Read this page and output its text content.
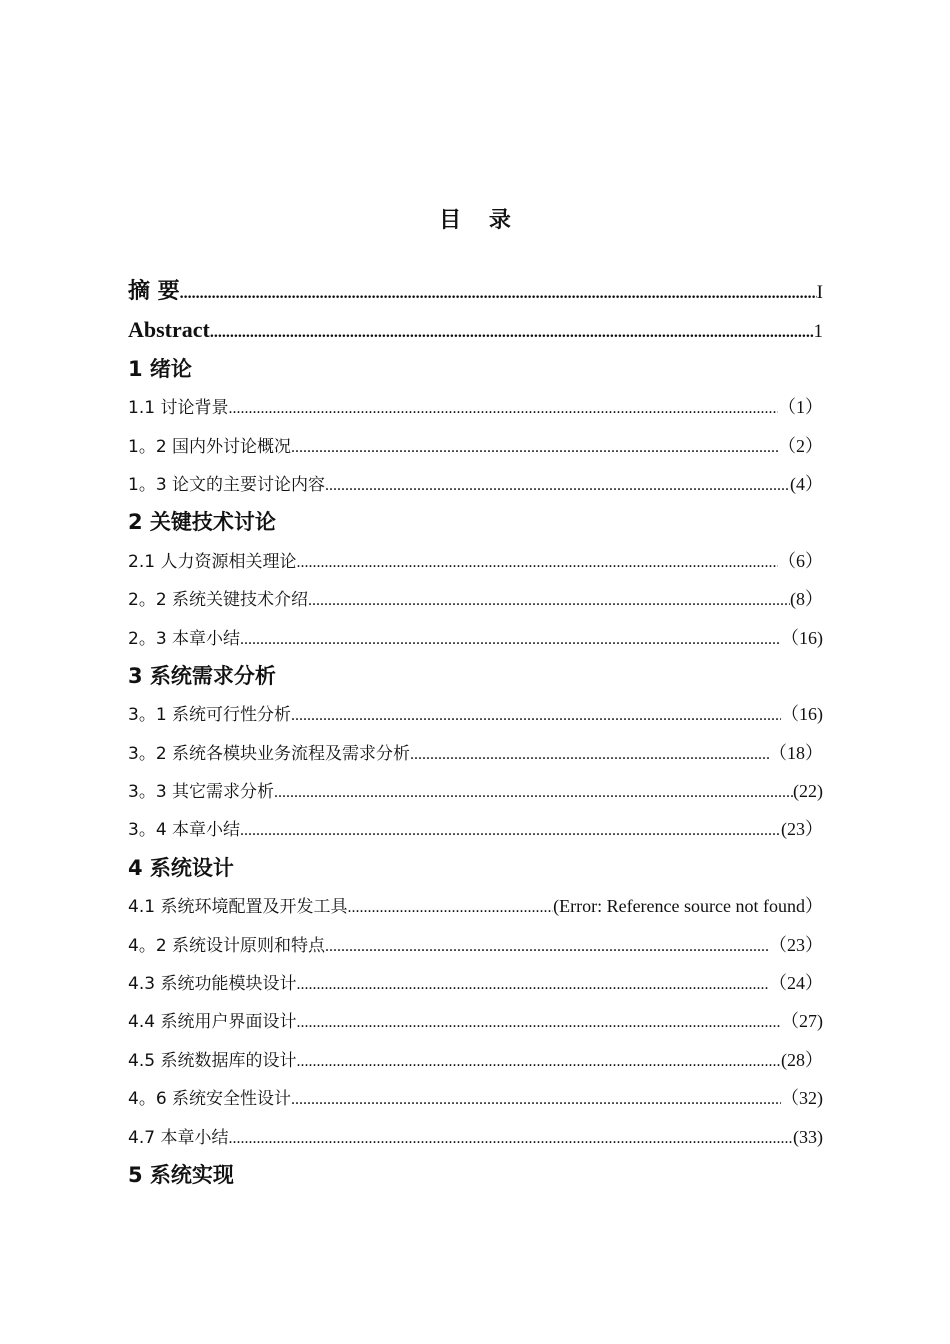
目 录
摘 要 .....	I
Abstract .....	1
1 绪论
1.1 讨论背景 .....	（1）
1。2 国内外讨论概况 .....	（2）
1。3 论文的主要讨论内容 .....	(4）
2 关键技术讨论
2.1 人力资源相关理论 .....	（6）
2。2 系统关键技术介绍 .....	(8）
2。3 本章小结 .....	（16)
3 系统需求分析
3。1 系统可行性分析 .....	（16)
3。2 系统各模块业务流程及需求分析 .....	（18）
3。3 其它需求分析 .....	(22)
3。4 本章小结 .....	(23）
4 系统设计
4.1 系统环境配置及开发工具 .....	(Error: Reference source not found）
4。2 系统设计原则和特点 .....	（23）
4.3 系统功能模块设计 .....	（24）
4.4 系统用户界面设计 .....	（27)
4.5 系统数据库的设计 .....	(28）
4。6 系统安全性设计 .....	（32)
4.7 本章小结 .....	(33)
5 系统实现
